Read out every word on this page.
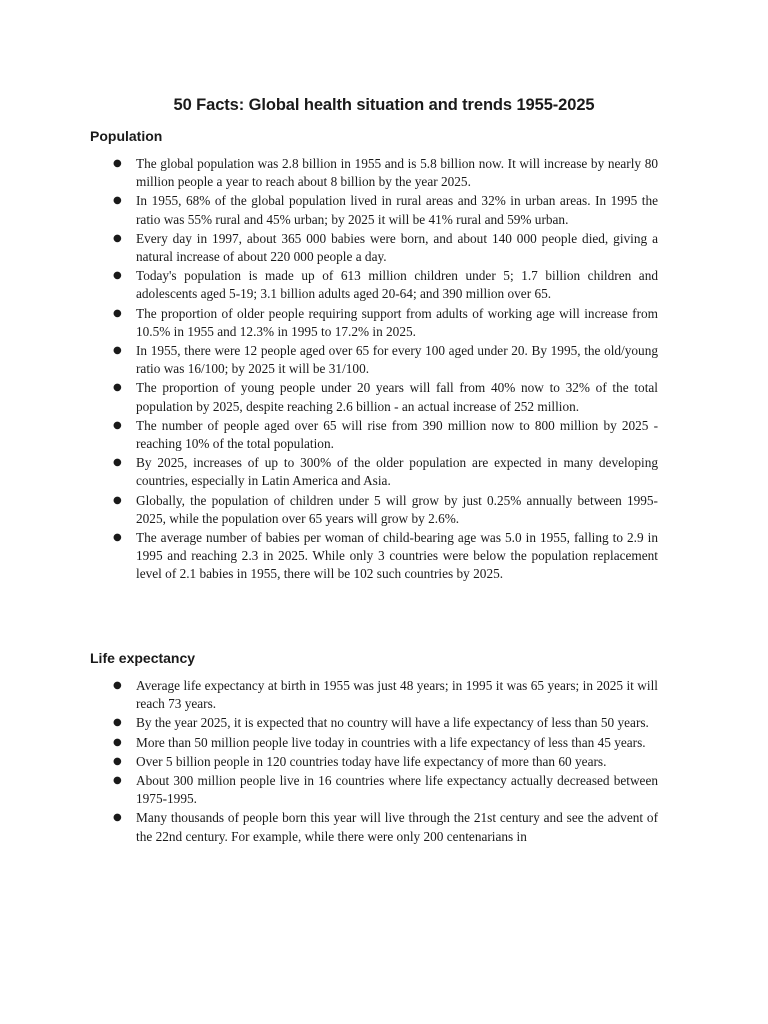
50 Facts: Global health situation and trends 1955-2025
Population
● The global population was 2.8 billion in 1955 and is 5.8 billion now. It will increase by nearly 80 million people a year to reach about 8 billion by the year 2025.
● In 1955, 68% of the global population lived in rural areas and 32% in urban areas. In 1995 the ratio was 55% rural and 45% urban; by 2025 it will be 41% rural and 59% urban.
● Every day in 1997, about 365 000 babies were born, and about 140 000 people died, giving a natural increase of about 220 000 people a day.
● Today's population is made up of 613 million children under 5; 1.7 billion children and adolescents aged 5-19; 3.1 billion adults aged 20-64; and 390 million over 65.
● The proportion of older people requiring support from adults of working age will increase from 10.5% in 1955 and 12.3% in 1995 to 17.2% in 2025.
● In 1955, there were 12 people aged over 65 for every 100 aged under 20. By 1995, the old/young ratio was 16/100; by 2025 it will be 31/100.
● The proportion of young people under 20 years will fall from 40% now to 32% of the total population by 2025, despite reaching 2.6 billion - an actual increase of 252 million.
● The number of people aged over 65 will rise from 390 million now to 800 million by 2025 - reaching 10% of the total population.
● By 2025, increases of up to 300% of the older population are expected in many developing countries, especially in Latin America and Asia.
● Globally, the population of children under 5 will grow by just 0.25% annually between 1995-2025, while the population over 65 years will grow by 2.6%.
● The average number of babies per woman of child-bearing age was 5.0 in 1955, falling to 2.9 in 1995 and reaching 2.3 in 2025. While only 3 countries were below the population replacement level of 2.1 babies in 1955, there will be 102 such countries by 2025.
Life expectancy
● Average life expectancy at birth in 1955 was just 48 years; in 1995 it was 65 years; in 2025 it will reach 73 years.
● By the year 2025, it is expected that no country will have a life expectancy of less than 50 years.
● More than 50 million people live today in countries with a life expectancy of less than 45 years.
● Over 5 billion people in 120 countries today have life expectancy of more than 60 years.
● About 300 million people live in 16 countries where life expectancy actually decreased between 1975-1995.
● Many thousands of people born this year will live through the 21st century and see the advent of the 22nd century. For example, while there were only 200 centenarians in
